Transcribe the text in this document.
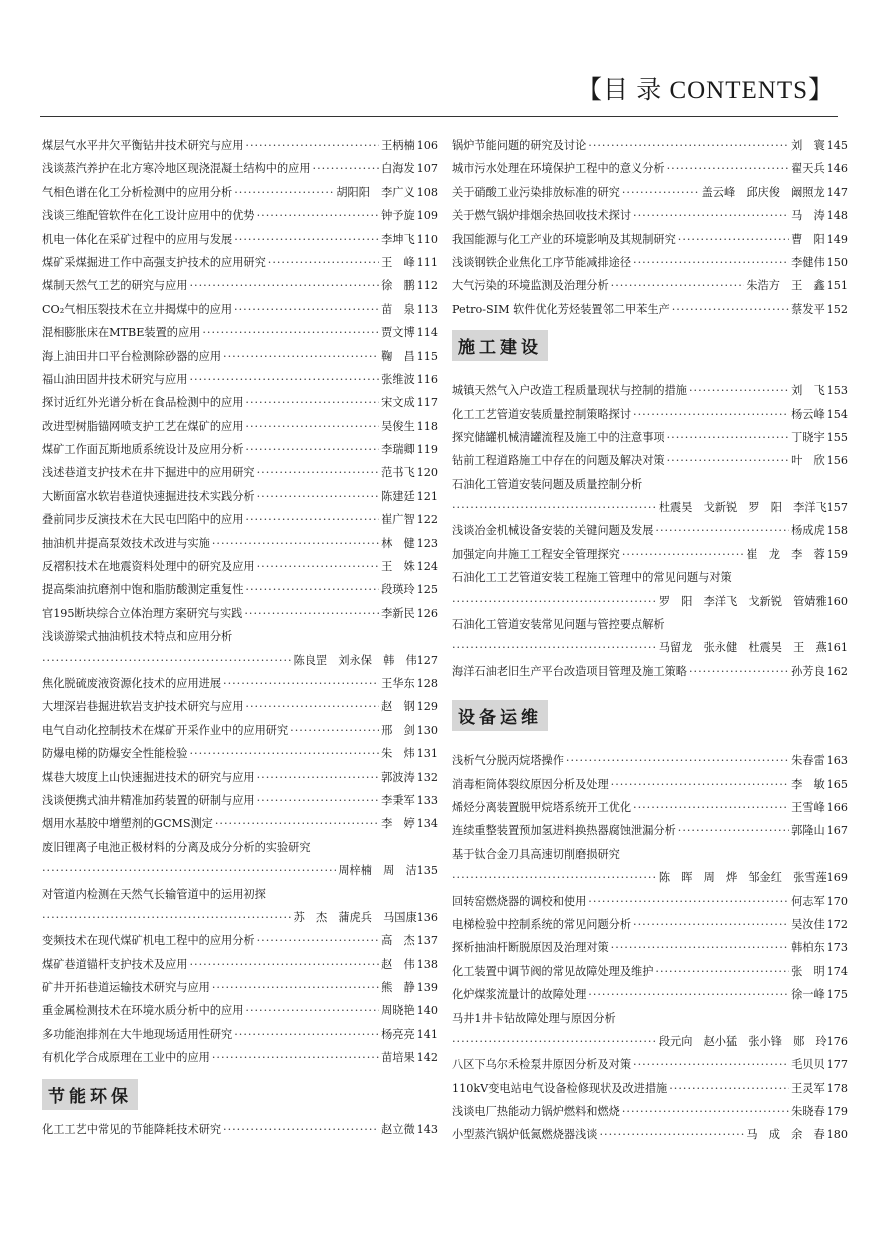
【目 录 CONTENTS】
煤层气水平井欠平衡钻井技术研究与应用 ·····	王柄楠 106
浅谈蒸汽养护在北方寒冷地区现浇混凝土结构中的应用 ·····	白海发 107
气相色谱在化工分析检测中的应用分析 ·····	胡阳阳　李广义 108
浅谈三维配管软件在化工设计应用中的优势 ·····	钟予旋 109
机电一体化在采矿过程中的应用与发展 ·····	李坤飞 110
煤矿采煤掘进工作中高强支护技术的应用研究 ·····	王　峰 111
煤制天然气工艺的研究与应用 ·····	徐　鹏 112
CO₂气相压裂技术在立井揭煤中的应用 ·····	苗　泉 113
混相膨胀床在MTBE装置的应用 ·····	贾文博 114
海上油田井口平台检测除砂器的应用 ·····	鞠　昌 115
福山油田固井技术研究与应用 ·····	张维波 116
探讨近红外光谱分析在食品检测中的应用 ·····	宋文成 117
改进型树脂锚网喷支护工艺在煤矿的应用 ·····	吴俊生 118
煤矿工作面瓦斯地质系统设计及应用分析 ·····	李瑞卿 119
浅述巷道支护技术在井下掘进中的应用研究 ·····	范书飞 120
大断面富水软岩巷道快速掘进技术实践分析 ·····	陈建廷 121
叠前同步反演技术在大民屯凹陷中的应用 ·····	崔广智 122
抽油机井提高泵效技术改进与实施 ·····	林　健 123
反褶积技术在地震资料处理中的研究及应用 ·····	王　姝 124
提高柴油抗磨剂中饱和脂肪酸测定重复性 ·····	段瑛玲 125
官195断块综合立体治理方案研究与实践 ·····	李新民 126
浅谈游梁式抽油机技术特点和应用分析
·····
陈良罡　刘永保　韩　伟 127
焦化脱硫废液资源化技术的应用进展 ·····	王华东 128
大埋深岩巷掘进软岩支护技术研究与应用 ·····	赵　钢 129
电气自动化控制技术在煤矿开采作业中的应用研究 ·····	邢　剑 130
防爆电梯的防爆安全性能检验 ·····	朱　炜 131
煤巷大坡度上山快速掘进技术的研究与应用 ·····	郭波涛 132
浅谈便携式油井精准加药装置的研制与应用 ·····	李秉军 133
烟用水基胶中增塑剂的GCMS测定 ·····	李　婷 134
废旧锂离子电池正极材料的分离及成分分析的实验研究
·····
周梓楠　周　洁 135
对管道内检测在天然气长输管道中的运用初探
·····
苏　杰　蒲虎兵　马国康 136
变频技术在现代煤矿机电工程中的应用分析 ·····	高　杰 137
煤矿巷道锚杆支护技术及应用 ·····	赵　伟 138
矿井开拓巷道运输技术研究与应用 ·····	熊　静 139
重金属检测技术在环境水质分析中的应用 ·····	周晓艳 140
多功能泡排剂在大牛地现场适用性研究 ·····	杨亮亮 141
有机化学合成原理在工业中的应用 ·····	苗培果 142
节能环保
化工工艺中常见的节能降耗技术研究 ·····	赵立微 143
锅炉节能问题的研究及讨论 ·····	刘　寰 145
城市污水处理在环境保护工程中的意义分析 ·····	翟天兵 146
关于硝酸工业污染排放标准的研究 ·····	盖云峰　邱庆俊　阚照龙 147
关于燃气锅炉排烟余热回收技术探讨 ·····	马　涛 148
我国能源与化工产业的环境影响及其规制研究 ·····	曹　阳 149
浅谈钢铁企业焦化工序节能减排途径 ·····	李健伟 150
大气污染的环境监测及治理分析 ·····	朱浩方　王　鑫 151
Petro-SIM 软件优化芳烃装置邻二甲苯生产 ·····	蔡发平 152
施工建设
城镇天然气入户改造工程质量现状与控制的措施 ·····	刘　飞 153
化工工艺管道安装质量控制策略探讨 ·····	杨云峰 154
探究储罐机械清罐流程及施工中的注意事项 ·····	丁晓宇 155
钻前工程道路施工中存在的问题及解决对策 ·····	叶　欣 156
石油化工管道安装问题及质量控制分析
·····
杜震昊　戈新锐　罗　阳　李洋飞 157
浅谈冶金机械设备安装的关键问题及发展 ·····	杨成虎 158
加强定向井施工工程安全管理探究 ·····	崔　龙　李　蓉 159
石油化工工艺管道安装工程施工管理中的常见问题与对策
·····
罗　阳　李洋飞　戈新锐　管婧雅 160
石油化工管道安装常见问题与管控要点解析
·····
马留龙　张永健　杜震昊　王　燕 161
海洋石油老旧生产平台改造项目管理及施工策略 ·····	孙芳良 162
设备运维
浅析气分脱丙烷塔操作 ·····	朱春雷 163
消毒柜筒体裂纹原因分析及处理 ·····	李　敏 165
烯烃分离装置脱甲烷塔系统开工优化 ·····	王雪峰 166
连续重整装置预加氢进料换热器腐蚀泄漏分析 ·····	郭隆山 167
基于钛合金刀具高速切削磨损研究
·····
陈　晖　周　烨　邹金红　张雪莲 169
回转窑燃烧器的调校和使用 ·····	何志军 170
电梯检验中控制系统的常见问题分析 ·····	吴汝佳 172
探析抽油杆断脱原因及治理对策 ·····	韩柏东 173
化工装置中调节阀的常见故障处理及维护 ·····	张　明 174
化炉煤浆流量计的故障处理 ·····	徐一峰 175
马井1井卡钻故障处理与原因分析
·····
段元向　赵小猛　张小锋　郧　玲 176
八区下乌尔禾检泵井原因分析及对策 ·····	毛贝贝 177
110kV变电站电气设备检修现状及改进措施 ·····	王灵军 178
浅谈电厂热能动力锅炉燃料和燃烧 ·····	朱晓春 179
小型蒸汽锅炉低氮燃烧器浅谈 ·····	马　成　余　春 180
